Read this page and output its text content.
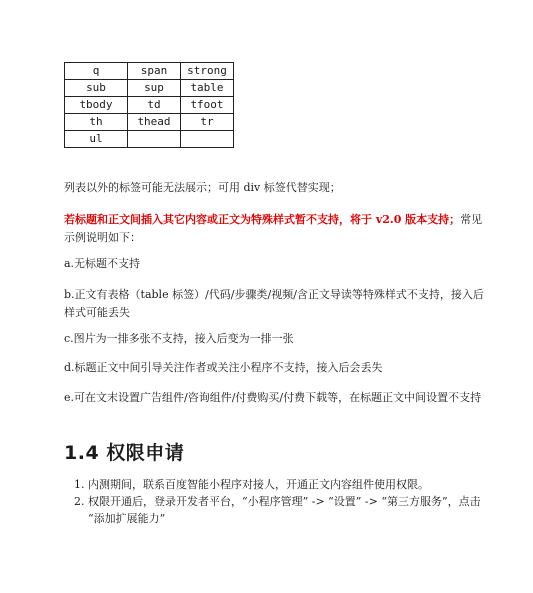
q	span	strong
sub	sup	table
tbody	td	tfoot
th	thead	tr
ul		

列表以外的标签可能无法展示；可用 div 标签代替实现；

若标题和正文间插入其它内容或正文为特殊样式暂不支持，将于 v2.0 版本支持；常见示例说明如下：

a.无标题不支持

b.正文有表格（table 标签）/代码/步骤类/视频/含正文导读等特殊样式不支持，接入后样式可能丢失

c.图片为一排多张不支持，接入后变为一排一张

d.标题正文中间引导关注作者或关注小程序不支持，接入后会丢失

e.可在文末设置广告组件/咨询组件/付费购买/付费下载等，在标题正文中间设置不支持

1.4 权限申请
1. 内测期间，联系百度智能小程序对接人，开通正文内容组件使用权限。
2. 权限开通后，登录开发者平台，“小程序管理” -> “设置” -> “第三方服务”，点击 “添加扩展能力”
